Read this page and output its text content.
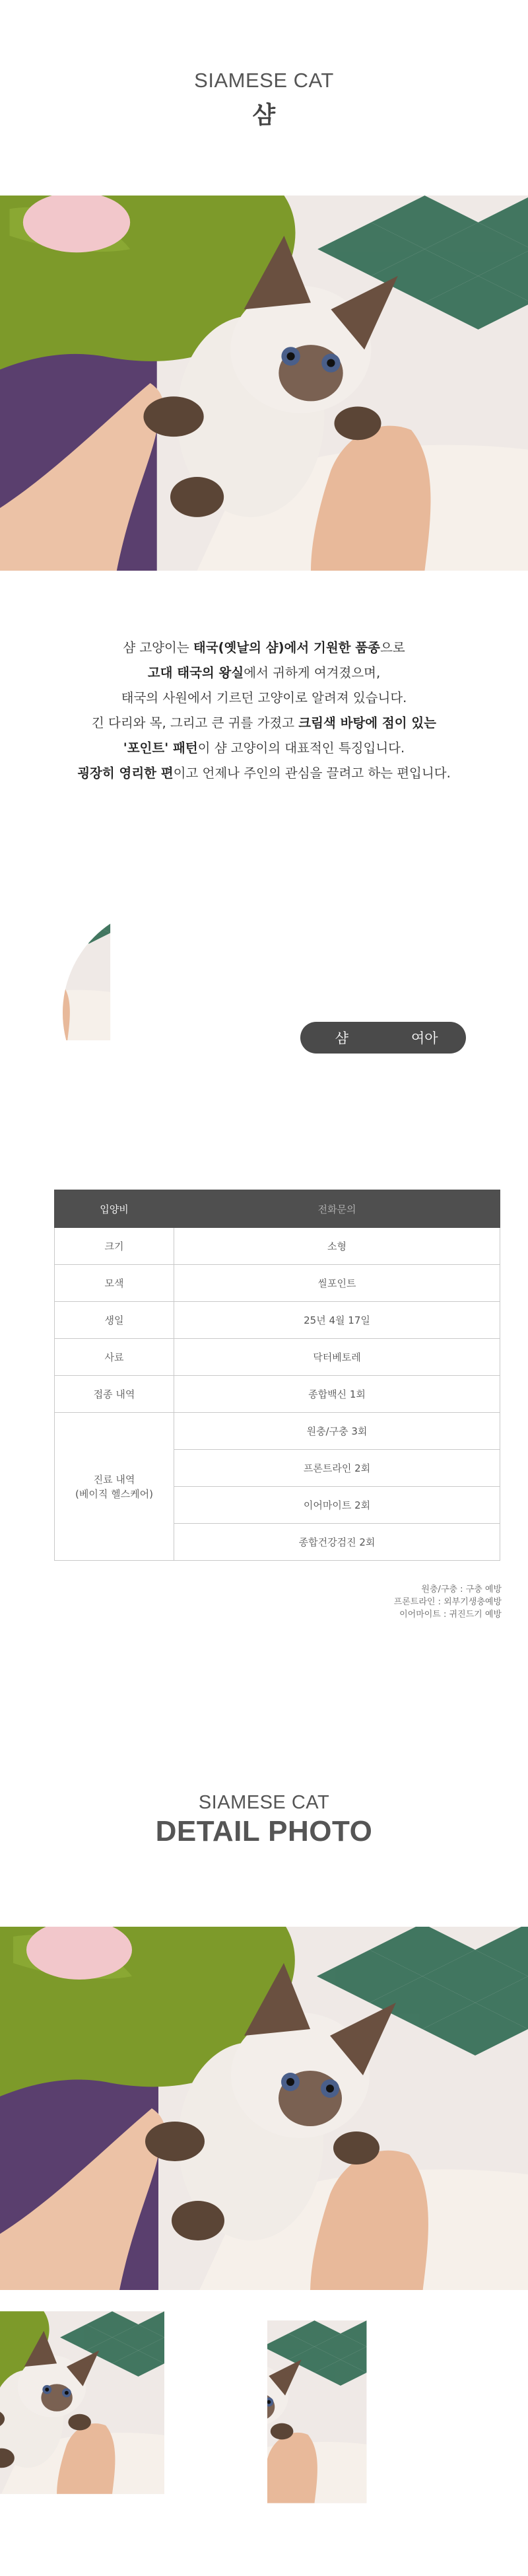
SIAMESE CAT
샴

샴 고양이는 태국(옛날의 샴)에서 기원한 품종으로

고대 태국의 왕실에서 귀하게 여겨졌으며,

태국의 사원에서 기르던 고양이로 알려져 있습니다.

긴 다리와 목, 그리고 큰 귀를 가졌고 크림색 바탕에 점이 있는

'포인트' 패턴이 샴 고양이의 대표적인 특징입니다.

굉장히 영리한 편이고 언제나 주인의 관심을 끌려고 하는 편입니다.

샴	여아
입양비	전화문의
크기	소형
모색	씰포인트
생일	25년 4월 17일
사료	닥터베토레
접종 내역	종합백신 1회

진료 내역
(베이직 헬스케어)	원충/구충 3회
	프론트라인 2회
	이어마이트 2회
	종합건강검진 2회
원충/구충 : 구충 예방
프론트라인 : 외부기생충예방
이어마이트 : 귀진드기 예방
SIAMESE CAT
DETAIL PHOTO
